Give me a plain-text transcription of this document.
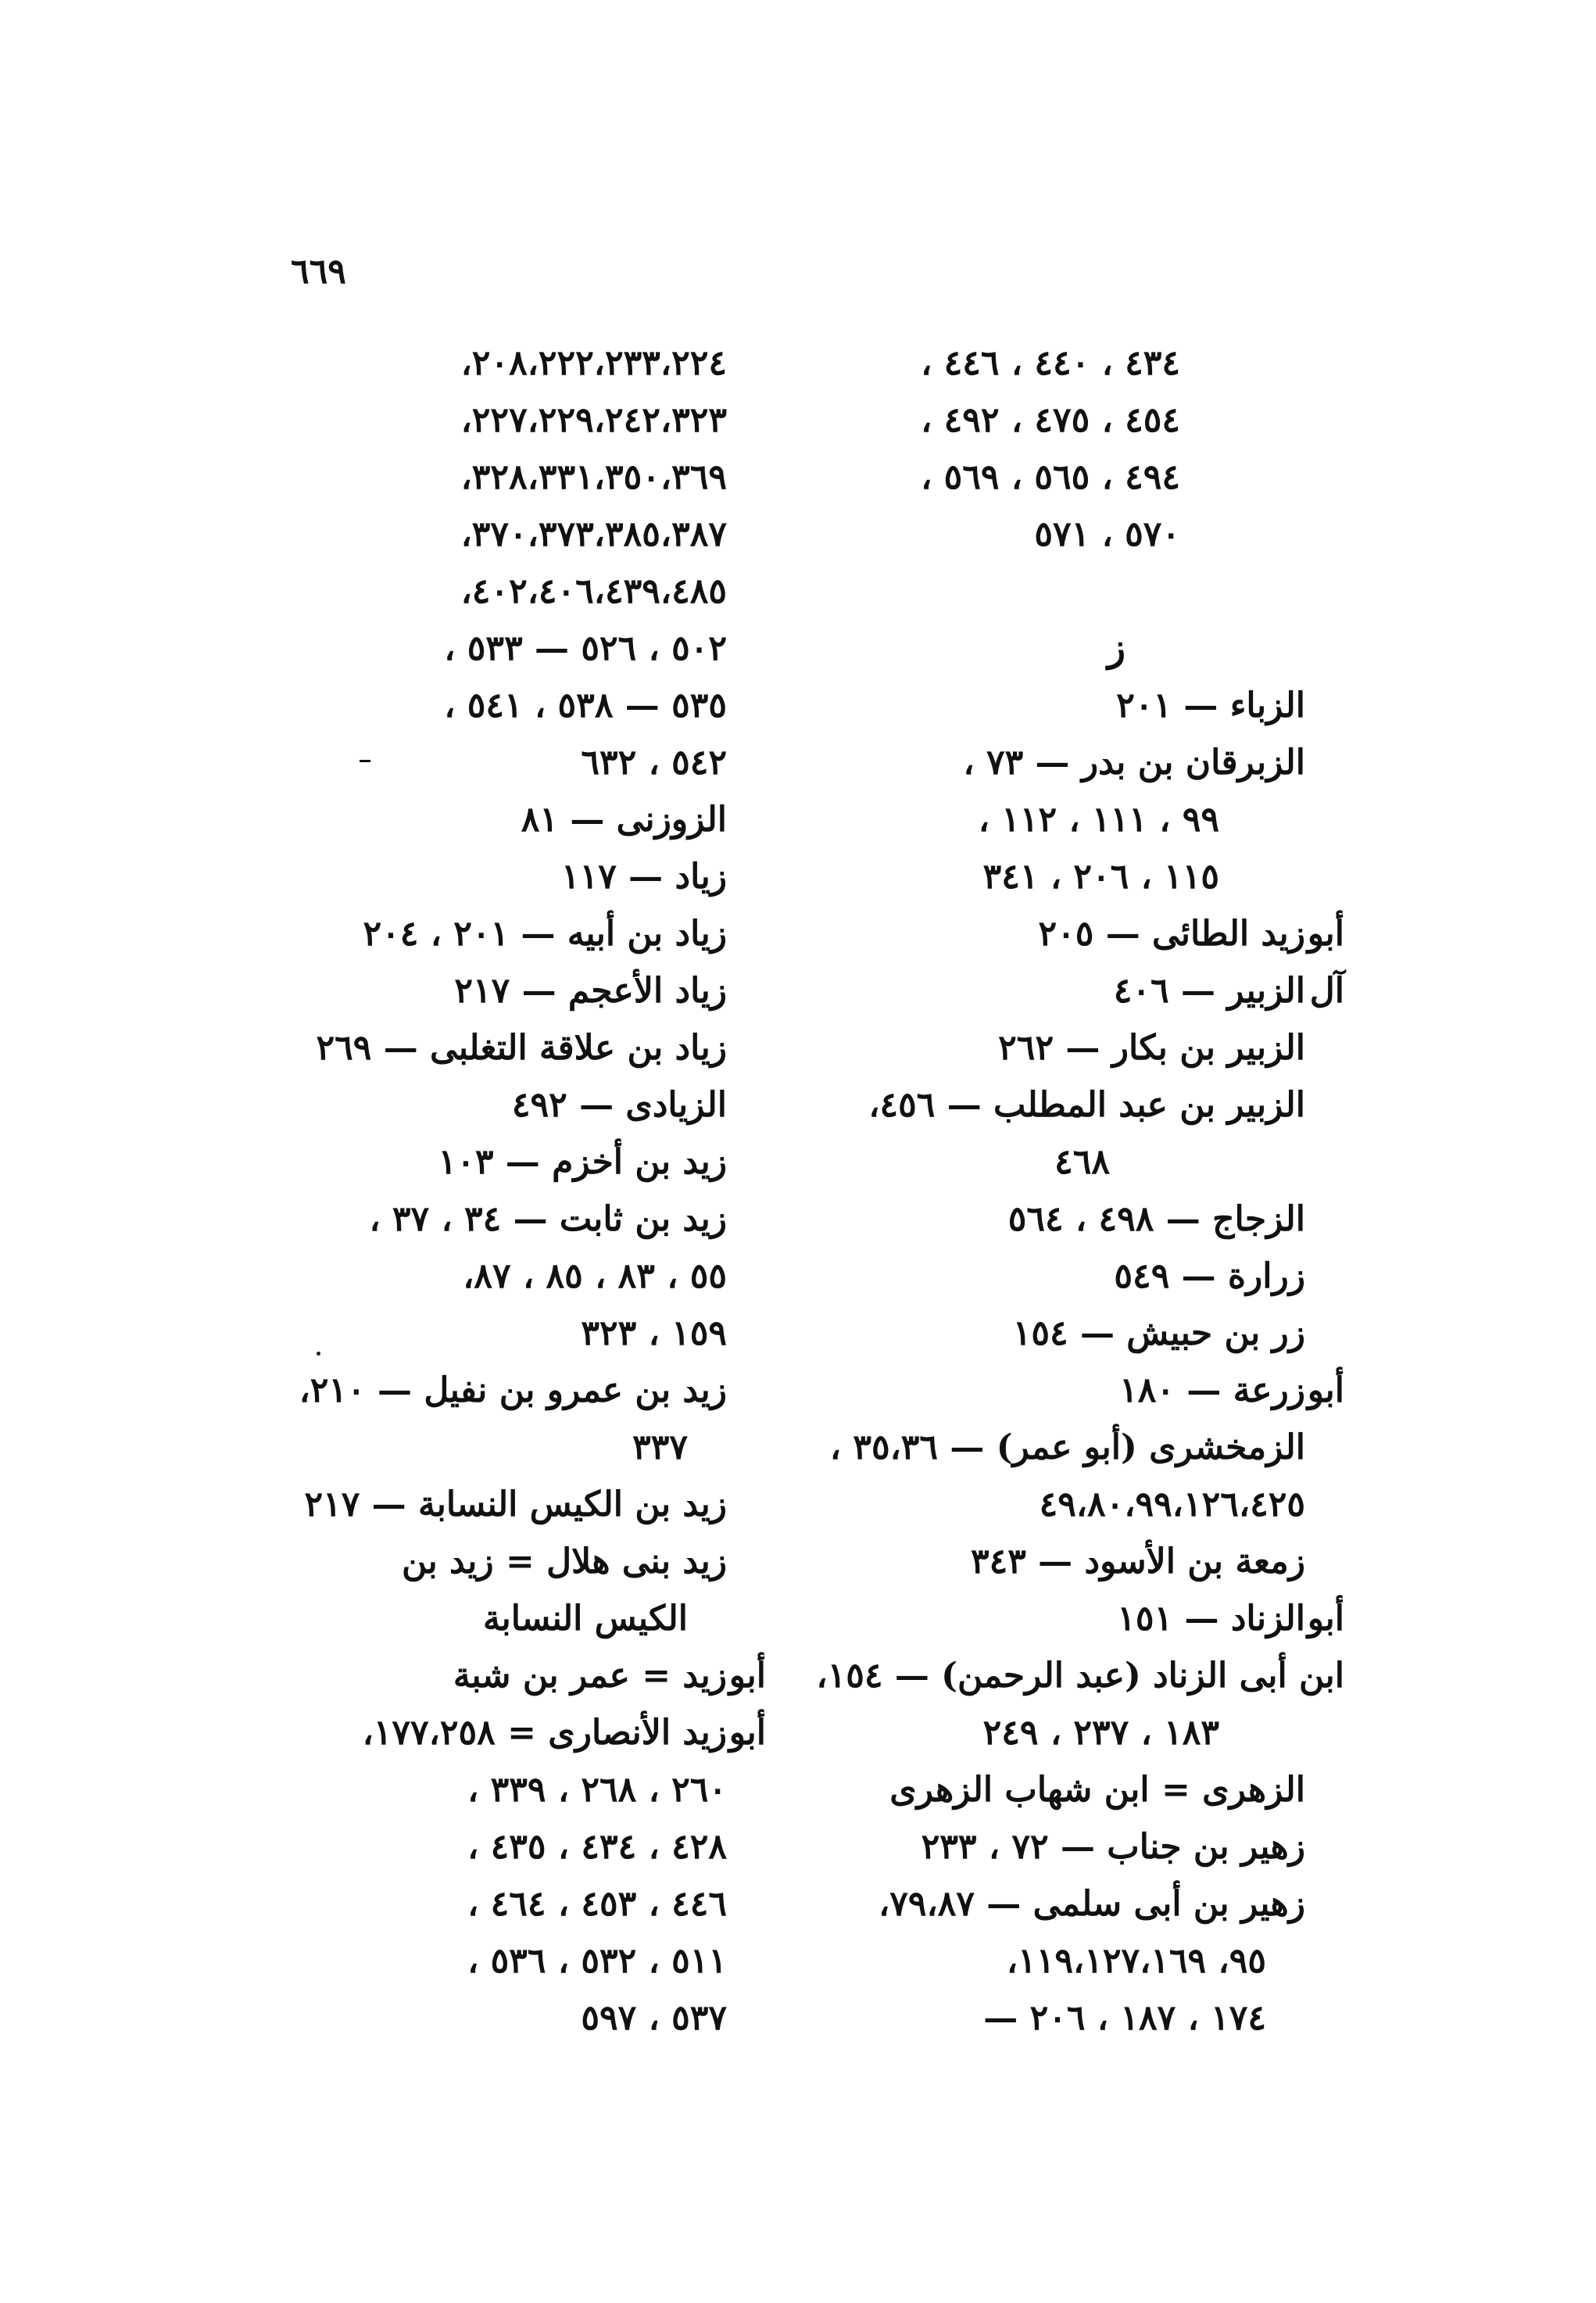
٦٦٩
٤٣٤ ، ٤٤٠ ، ٤٤٦ ،
٤٥٤ ، ٤٧٥ ، ٤٩٢ ،
٤٩٤ ، ٥٦٥ ، ٥٦٩ ،
٥٧٠ ، ٥٧١
ز
الزباء — ٢٠١
الزبرقان بن بدر — ٧٣ ،
٩٩ ، ١١١ ، ١١٢ ،
١١٥ ، ٢٠٦ ، ٣٤١
أبو
زيد الطائى — ٢٠٥
آل
الزبير — ٤٠٦
الزبير بن بكار — ٢٦٢
الزبير بن عبد المطلب — ٤٥٦،
٤٦٨
الزجاج — ٤٩٨ ، ٥٦٤
زرارة — ٥٤٩
زر بن حبيش — ١٥٤
أبو
زرعة — ١٨٠
الزمخشرى (أبو عمر) — ٣٥،٣٦ ،
٤٩،٨٠،٩٩،١٢٦،٤٢٥
زمعة بن الأسود — ٣٤٣
أبو
الزناد — ١٥١
ابن أبى الزناد (عبد الرحمن) — ١٥٤،
١٨٣ ، ٢٣٧ ، ٢٤٩
الزهرى = ابن شهاب الزهرى
زهير بن جناب — ٧٢ ، ٢٣٣
زهير بن أبى سلمى — ٧٩،٨٧،
٩٥، ١١٩،١٢٧،١٦٩،
١٧٤ ، ١٨٧ ، ٢٠٦ —
٢٠٨،٢٢٢،٢٣٣،٢٢٤،
٢٢٧،٢٢٩،٢٤٢،٣٢٣،
٣٢٨،٣٣١،٣٥٠،٣٦٩،
٣٧٠،٣٧٣،٣٨٥،٣٨٧،
٤٠٢،٤٠٦،٤٣٩،٤٨٥،
٥٠٢ ، ٥٢٦ — ٥٣٣ ،
٥٣٥ — ٥٣٨ ، ٥٤١ ،
٥٤٢ ، ٦٣٢
الزوزنى — ٨١
زياد — ١١٧
زياد بن أبيه — ٢٠١ ، ٢٠٤
زياد الأعجم — ٢١٧
زياد بن علاقة التغلبى — ٢٦٩
الزيادى — ٤٩٢
زيد بن أخزم — ١٠٣
زيد بن ثابت — ٣٤ ، ٣٧ ،
٥٥ ، ٨٣ ، ٨٥ ، ٨٧،
١٥٩ ، ٣٢٣
زيد بن عمرو بن نفيل — ٢١٠،
٣٣٧
زيد بن الكيس النسابة — ٢١٧
زيد بنى هلال = زيد بن
الكيس النسابة
أبو
زيد = عمر بن شبة
أبو
زيد الأنصارى = ١٧٧،٢٥٨،
٢٦٠ ، ٢٦٨ ، ٣٣٩ ،
٤٢٨ ، ٤٣٤ ، ٤٣٥ ،
٤٤٦ ، ٤٥٣ ، ٤٦٤ ،
٥١١ ، ٥٣٢ ، ٥٣٦ ،
٥٣٧ ، ٥٩٧
